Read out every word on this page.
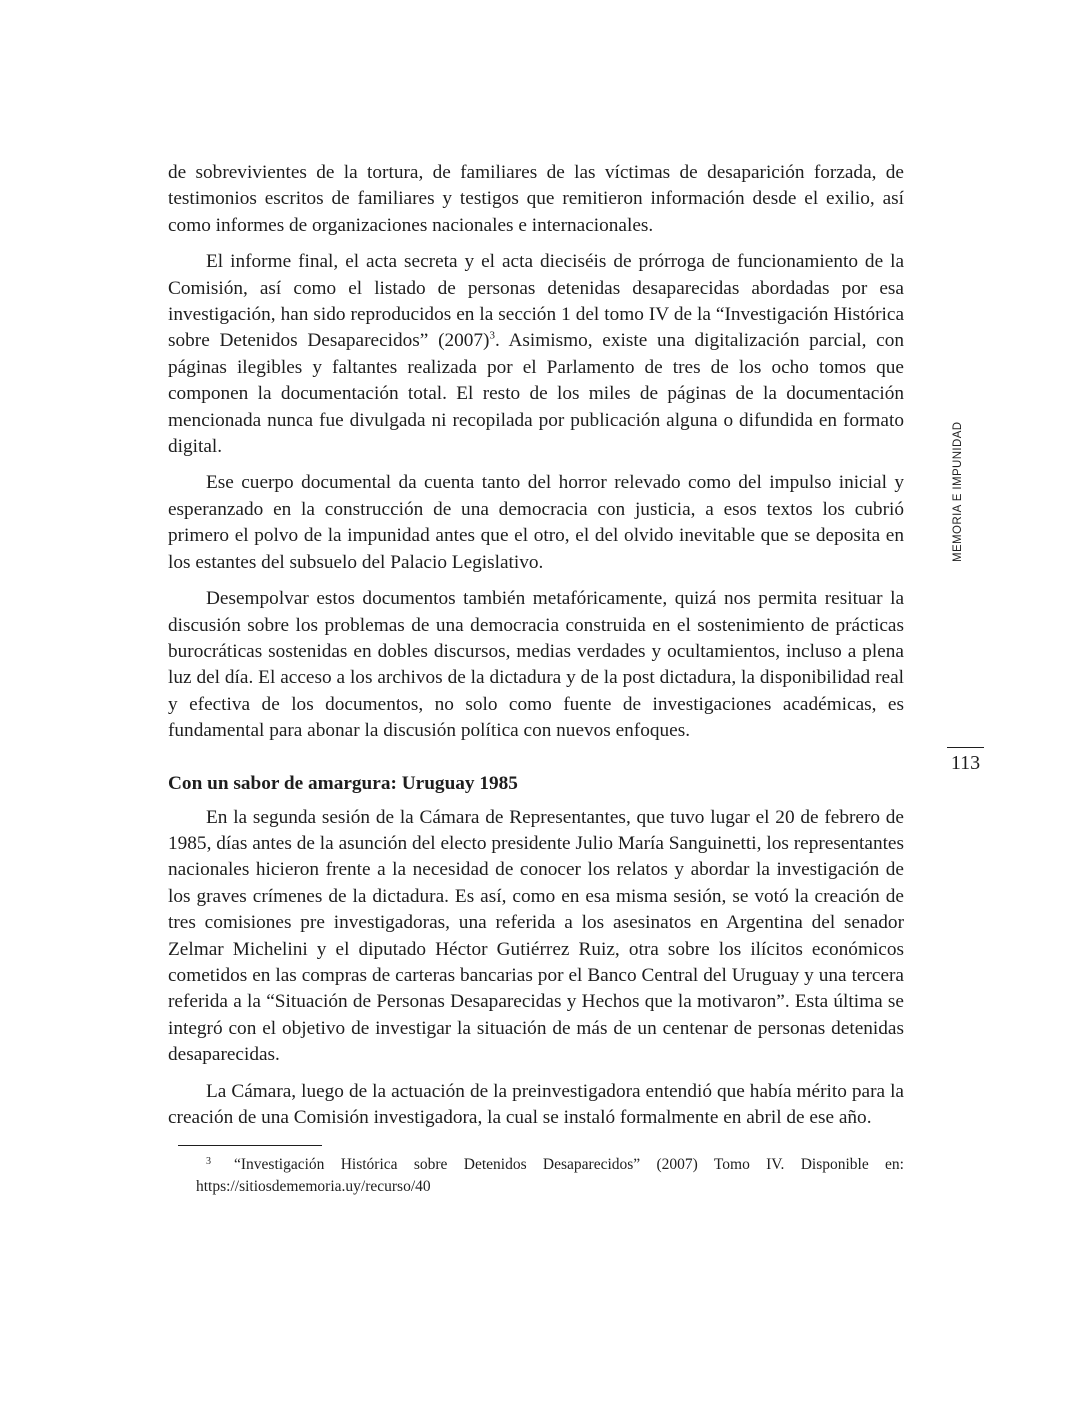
de sobrevivientes de la tortura, de familiares de las víctimas de desaparición forzada, de testimonios escritos de familiares y testigos que remitieron información desde el exilio, así como informes de organizaciones nacionales e internacionales.

El informe final, el acta secreta y el acta dieciséis de prórroga de funcionamiento de la Comisión, así como el listado de personas detenidas desaparecidas abordadas por esa investigación, han sido reproducidos en la sección 1 del tomo IV de la “Investigación Histórica sobre Detenidos Desaparecidos” (2007)$^3$. Asimismo, existe una digitalización parcial, con páginas ilegibles y faltantes realizada por el Parlamento de tres de los ocho tomos que componen la documentación total. El resto de los miles de páginas de la documentación mencionada nunca fue divulgada ni recopilada por publicación alguna o difundida en formato digital.

Ese cuerpo documental da cuenta tanto del horror relevado como del impulso inicial y esperanzado en la construcción de una democracia con justicia, a esos textos los cubrió primero el polvo de la impunidad antes que el otro, el del olvido inevitable que se deposita en los estantes del subsuelo del Palacio Legislativo.

Desempolvar estos documentos también metafóricamente, quizá nos permita resituar la discusión sobre los problemas de una democracia construida en el sostenimiento de prácticas burocráticas sostenidas en dobles discursos, medias verdades y ocultamientos, incluso a plena luz del día. El acceso a los archivos de la dictadura y de la post dictadura, la disponibilidad real y efectiva de los documentos, no solo como fuente de investigaciones académicas, es fundamental para abonar la discusión política con nuevos enfoques.

Con un sabor de amargura: Uruguay 1985

En la segunda sesión de la Cámara de Representantes, que tuvo lugar el 20 de febrero de 1985, días antes de la asunción del electo presidente Julio María Sanguinetti, los representantes nacionales hicieron frente a la necesidad de conocer los relatos y abordar la investigación de los graves crímenes de la dictadura. Es así, como en esa misma sesión, se votó la creación de tres comisiones pre investigadoras, una referida a los asesinatos en Argentina del senador Zelmar Michelini y el diputado Héctor Gutiérrez Ruiz, otra sobre los ilícitos económicos cometidos en las compras de carteras bancarias por el Banco Central del Uruguay y una tercera referida a la “Situación de Personas Desaparecidas y Hechos que la motivaron”. Esta última se integró con el objetivo de investigar la situación de más de un centenar de personas detenidas desaparecidas.

La Cámara, luego de la actuación de la preinvestigadora entendió que había mérito para la creación de una Comisión investigadora, la cual se instaló formalmente en abril de ese año.

3 “Investigación Histórica sobre Detenidos Desaparecidos” (2007) Tomo IV. Disponible en: https://sitiosdememoria.uy/recurso/40

MEMORIA E IMPUNIDAD
113
